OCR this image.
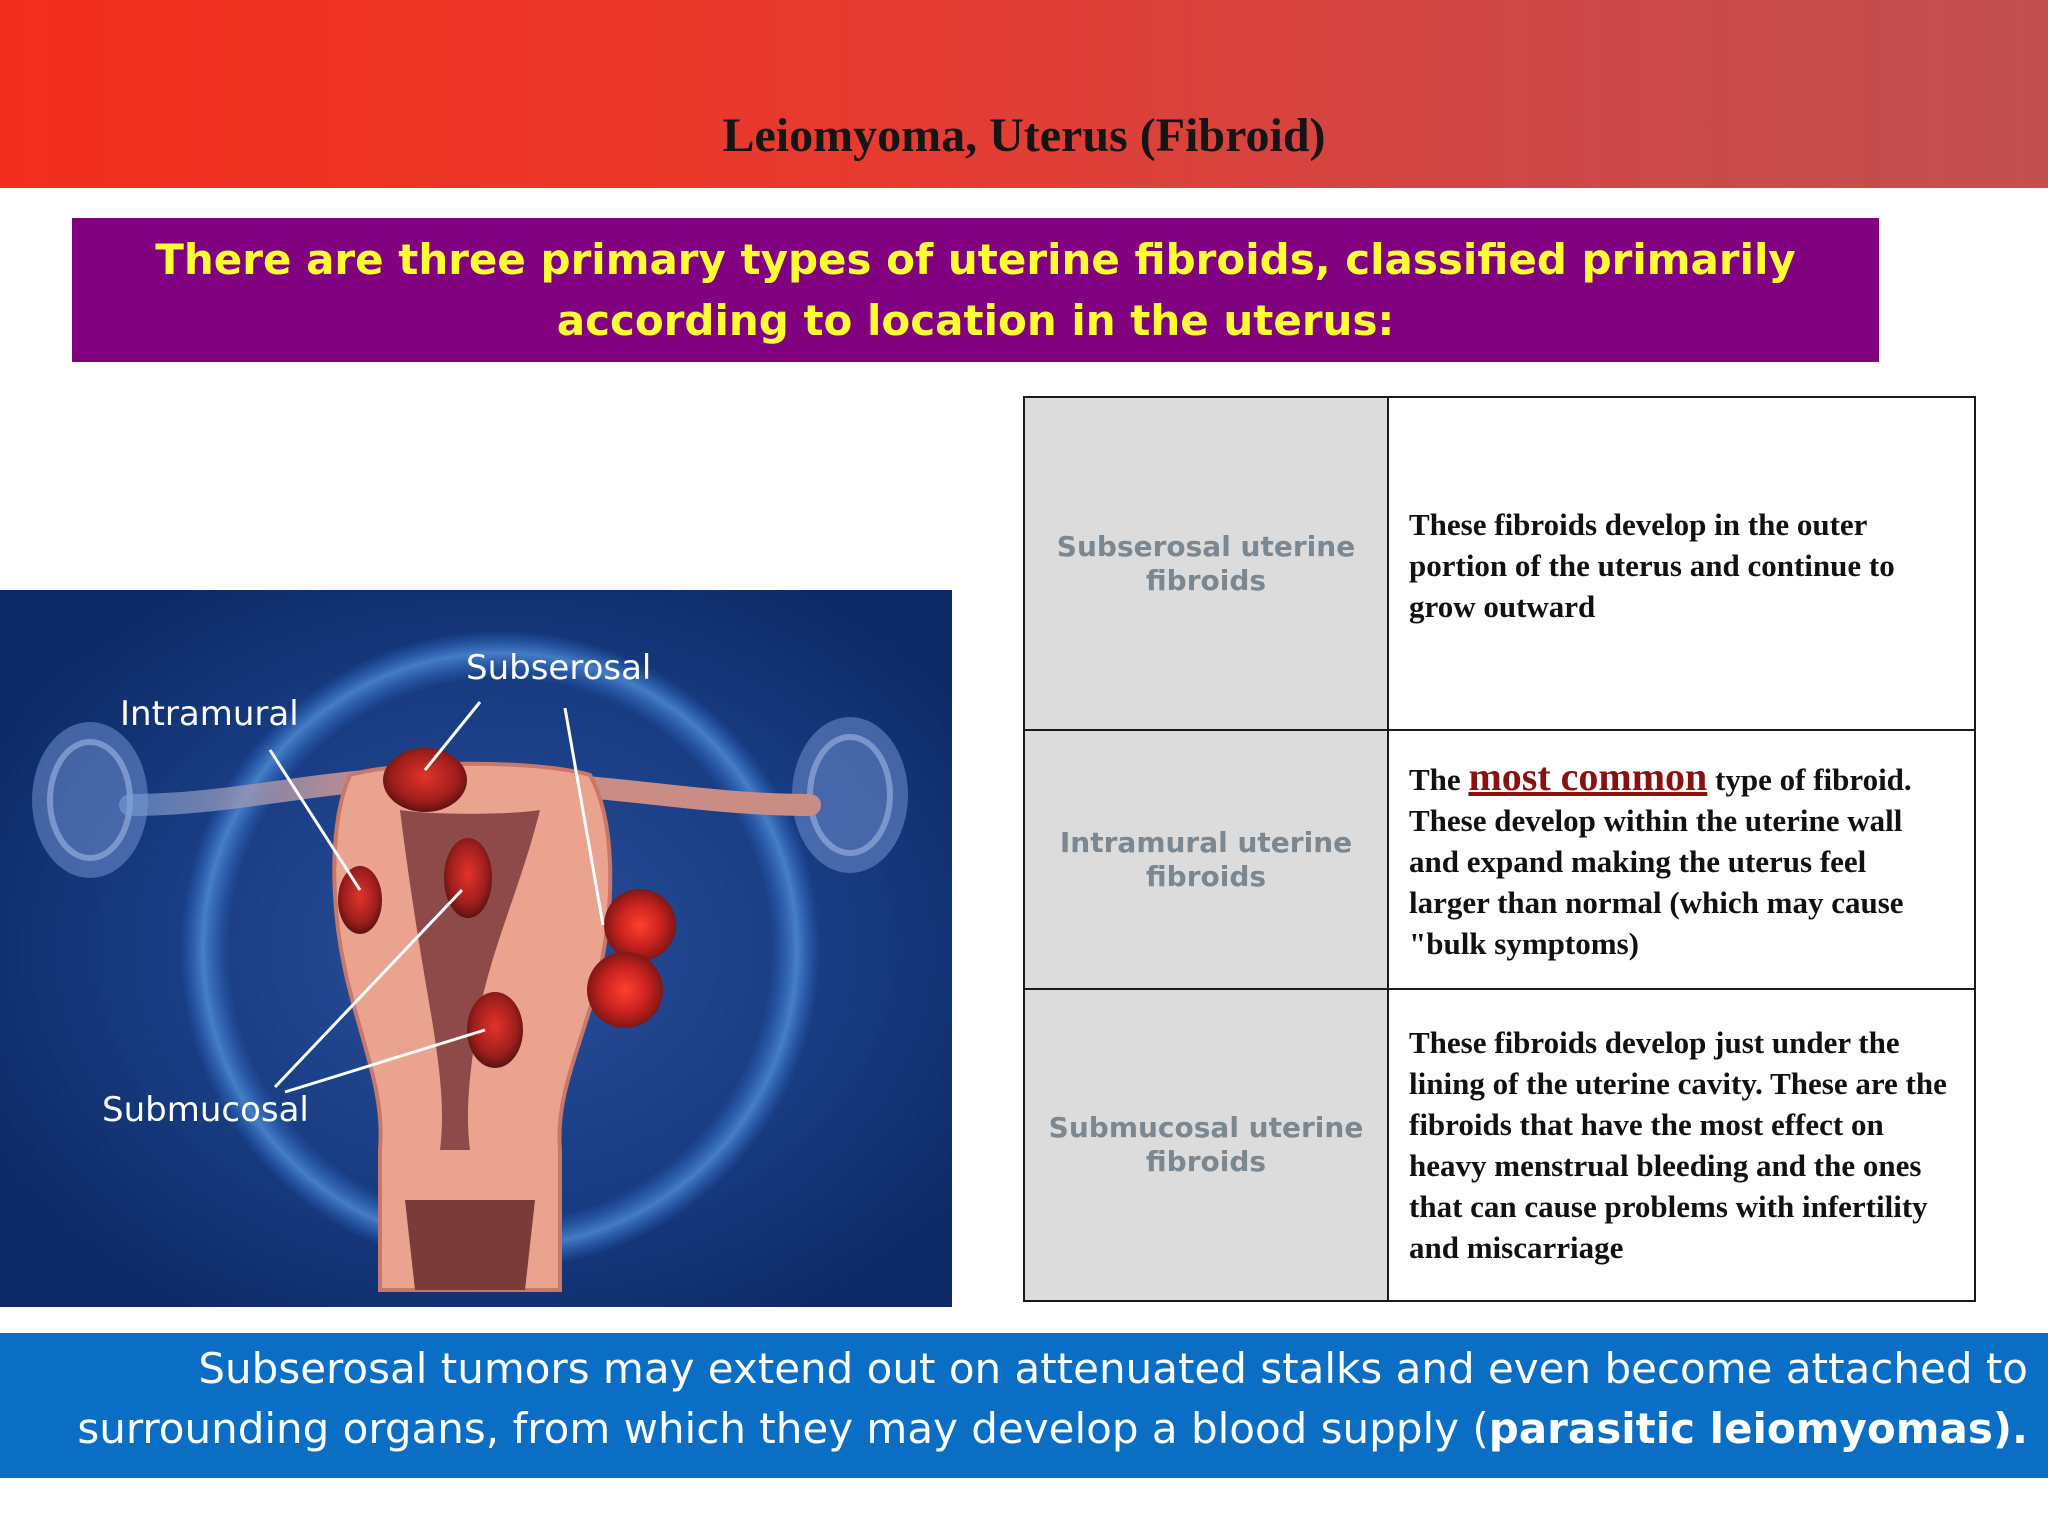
Leiomyoma, Uterus (Fibroid)
There are three primary types of uterine fibroids, classified primarily according to location in the uterus:
Subserosal
Intramural
Submucosal
Subserosal uterine fibroids	These fibroids develop in the outer portion of the uterus and continue to grow outward
Intramural uterine fibroids	The most common type of fibroid. These develop within the uterine wall and expand making the uterus feel larger than normal (which may cause "bulk symptoms)
Submucosal uterine fibroids	These fibroids develop just under the lining of the uterine cavity. These are the fibroids that have the most effect on heavy menstrual bleeding and the ones that can cause problems with infertility and miscarriage
Subserosal tumors may extend out on attenuated stalks and even become attached to surrounding organs, from which they may develop a blood supply (parasitic leiomyomas).
